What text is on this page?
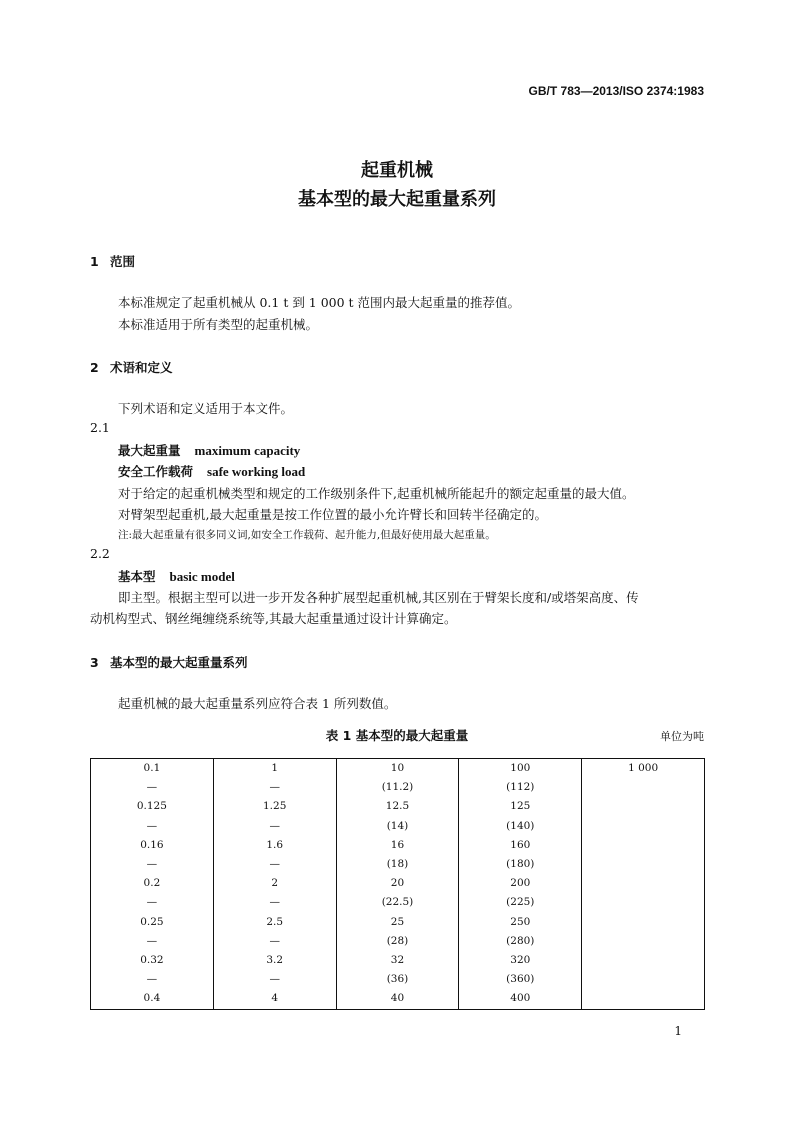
GB/T 783—2013/ISO 2374:1983
起重机械
基本型的最大起重量系列
1 范围
本标准规定了起重机械从 0.1 t 到 1 000 t 范围内最大起重量的推荐值。
本标准适用于所有类型的起重机械。
2 术语和定义
下列术语和定义适用于本文件。
2.1
最大起重量 maximum capacity
安全工作载荷 safe working load
对于给定的起重机械类型和规定的工作级别条件下,起重机械所能起升的额定起重量的最大值。
对臂架型起重机,最大起重量是按工作位置的最小允许臂长和回转半径确定的。
注:最大起重量有很多同义词,如安全工作载荷、起升能力,但最好使用最大起重量。
2.2
基本型 basic model
即主型。根据主型可以进一步开发各种扩展型起重机械,其区别在于臂架长度和/或塔架高度、传
动机构型式、钢丝绳缠绕系统等,其最大起重量通过设计计算确定。
3 基本型的最大起重量系列
起重机械的最大起重量系列应符合表 1 所列数值。
表 1 基本型的最大起重量	单位为吨
0.1	1	10	100	1 000
—	—	(11.2)	(112)	
0.125	1.25	12.5	125	
—	—	(14)	(140)	
0.16	1.6	16	160	
—	—	(18)	(180)	
0.2	2	20	200	
—	—	(22.5)	(225)	
0.25	2.5	25	250	
—	—	(28)	(280)	
0.32	3.2	32	320	
—	—	(36)	(360)	
0.4	4	40	400	
1
